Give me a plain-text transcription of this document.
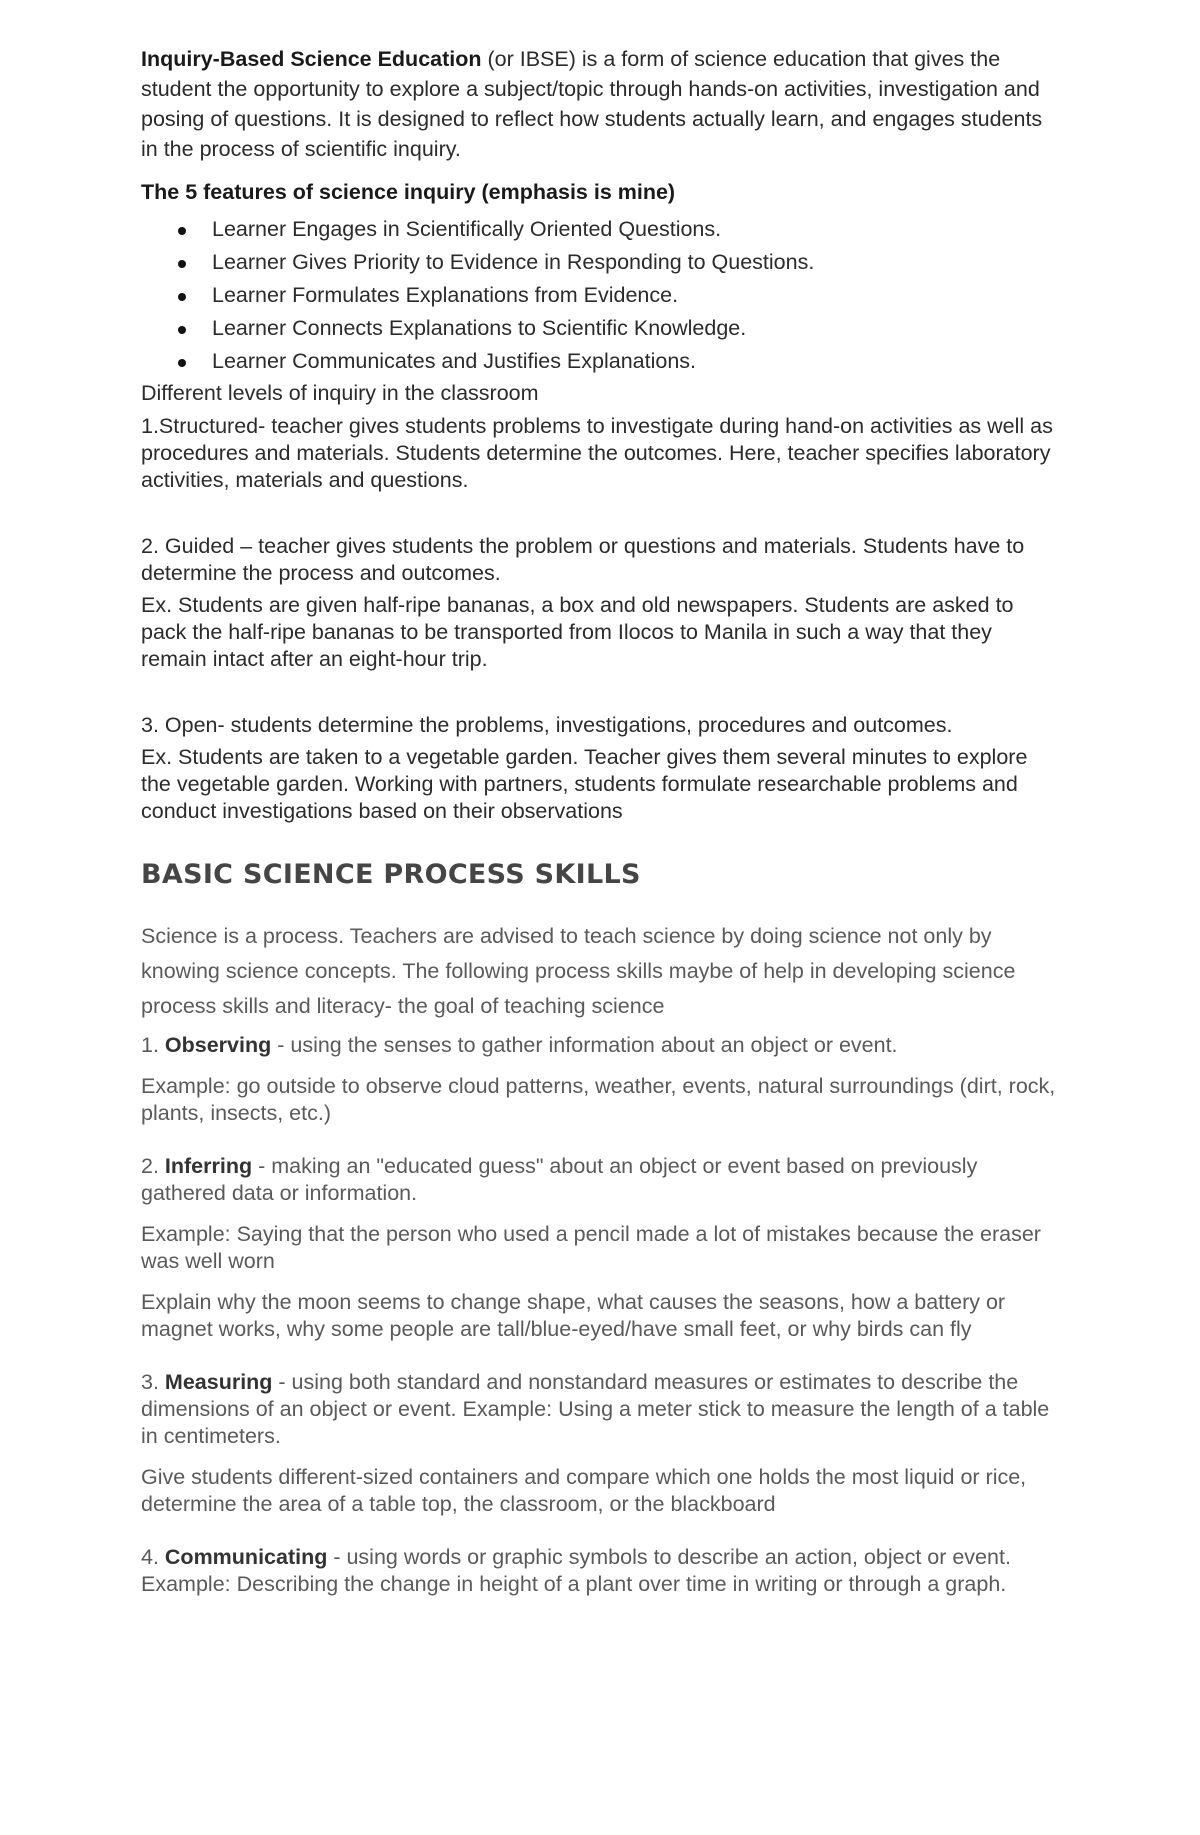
Inquiry-Based Science Education (or IBSE) is a form of science education that gives the student the opportunity to explore a subject/topic through hands-on activities, investigation and posing of questions. It is designed to reflect how students actually learn, and engages students in the process of scientific inquiry.

The 5 features of science inquiry (emphasis is mine)

Learner Engages in Scientifically Oriented Questions.
Learner Gives Priority to Evidence in Responding to Questions.
Learner Formulates Explanations from Evidence.
Learner Connects Explanations to Scientific Knowledge.
Learner Communicates and Justifies Explanations.

Different levels of inquiry in the classroom

1.Structured- teacher gives students problems to investigate during hand-on activities as well as procedures and materials. Students determine the outcomes. Here, teacher specifies laboratory activities, materials and questions.

2. Guided – teacher gives students the problem or questions and materials. Students have to determine the process and outcomes.

Ex. Students are given half-ripe bananas, a box and old newspapers. Students are asked to pack the half-ripe bananas to be transported from Ilocos to Manila in such a way that they remain intact after an eight-hour trip.

3. Open- students determine the problems, investigations, procedures and outcomes.

Ex. Students are taken to a vegetable garden. Teacher gives them several minutes to explore the vegetable garden. Working with partners, students formulate researchable problems and conduct investigations based on their observations

BASIC SCIENCE PROCESS SKILLS

Science is a process. Teachers are advised to teach science by doing science not only by knowing science concepts. The following process skills maybe of help in developing science process skills and literacy- the goal of teaching science

1. Observing - using the senses to gather information about an object or event.

Example: go outside to observe cloud patterns, weather, events, natural surroundings (dirt, rock, plants, insects, etc.)

2. Inferring - making an "educated guess" about an object or event based on previously gathered data or information.

Example: Saying that the person who used a pencil made a lot of mistakes because the eraser was well worn

Explain why the moon seems to change shape, what causes the seasons, how a battery or magnet works, why some people are tall/blue-eyed/have small feet, or why birds can fly

3. Measuring - using both standard and nonstandard measures or estimates to describe the dimensions of an object or event. Example: Using a meter stick to measure the length of a table in centimeters.

Give students different-sized containers and compare which one holds the most liquid or rice, determine the area of a table top, the classroom, or the blackboard

4. Communicating - using words or graphic symbols to describe an action, object or event. Example: Describing the change in height of a plant over time in writing or through a graph.
